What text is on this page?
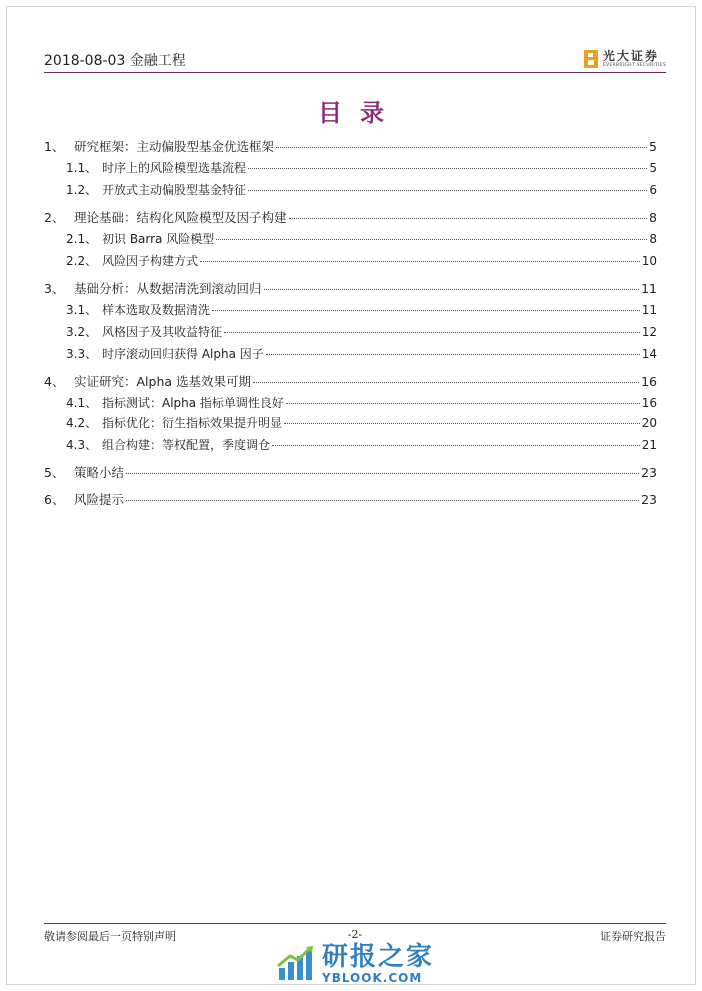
2018-08-03 金融工程	光大证券
EVERBRIGHT SECURITIES
目录
1、 研究框架：主动偏股型基金优选框架	5
1.1、 时序上的风险模型选基流程	5
1.2、 开放式主动偏股型基金特征	6
2、 理论基础：结构化风险模型及因子构建	8
2.1、 初识 Barra 风险模型	8
2.2、 风险因子构建方式	10
3、 基础分析：从数据清洗到滚动回归	11
3.1、 样本选取及数据清洗	11
3.2、 风格因子及其收益特征	12
3.3、 时序滚动回归获得 Alpha 因子	14
4、 实证研究：Alpha 选基效果可期	16
4.1、 指标测试：Alpha 指标单调性良好	16
4.2、 指标优化：衍生指标效果提升明显	20
4.3、 组合构建：等权配置，季度调仓	21
5、 策略小结	23
6、 风险提示	23
敬请参阅最后一页特别声明	-2-	证券研究报告
研报之家
YBLOOK.COM
